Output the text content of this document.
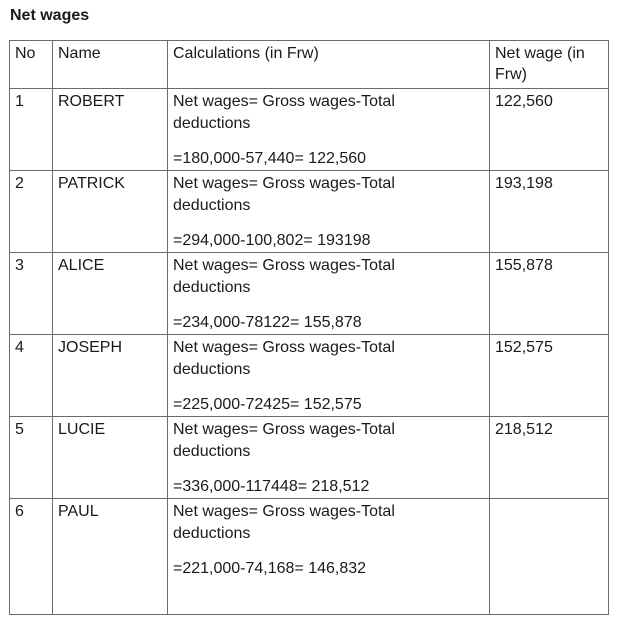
Net wages
No	Name	Calculations (in Frw)	Net wage (in Frw)
1	ROBERT	Net wages= Gross wages-Total
deductions
=180,000-57,440= 122,560	122,560
2	PATRICK	Net wages= Gross wages-Total
deductions
=294,000-100,802= 193198	193,198
3	ALICE	Net wages= Gross wages-Total
deductions
=234,000-78122= 155,878	155,878
4	JOSEPH	Net wages= Gross wages-Total
deductions
=225,000-72425= 152,575	152,575
5	LUCIE	Net wages= Gross wages-Total
deductions
=336,000-117448= 218,512	218,512
6	PAUL	Net wages= Gross wages-Total
deductions
=221,000-74,168= 146,832	
